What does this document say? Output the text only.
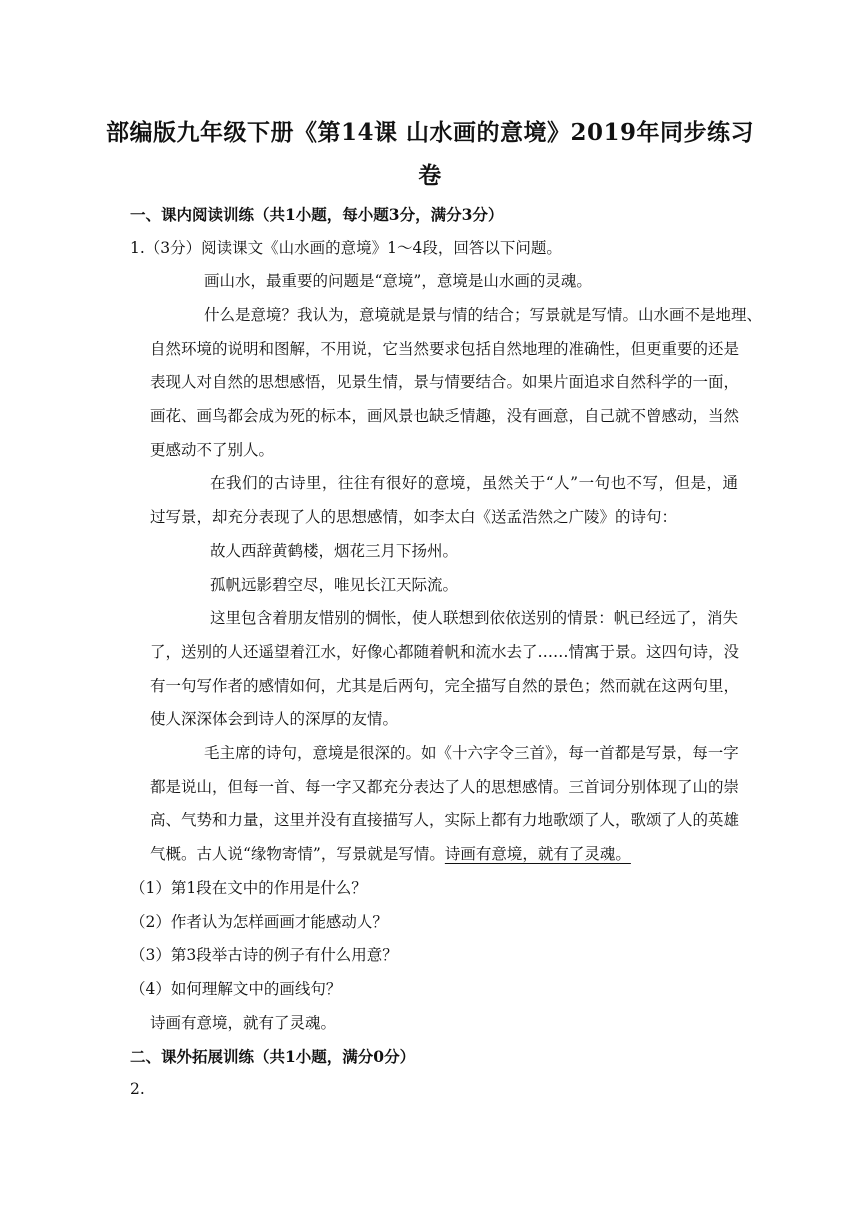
部编版九年级下册《第14课 山水画的意境》2019年同步练习
卷
一、课内阅读训练（共1小题，每小题3分，满分3分）
1.（3分）阅读课文《山水画的意境》1～4段，回答以下问题。
画山水，最重要的问题是“意境”，意境是山水画的灵魂。
什么是意境？我认为，意境就是景与情的结合；写景就是写情。山水画不是地理、
自然环境的说明和图解，不用说，它当然要求包括自然地理的准确性，但更重要的还是
表现人对自然的思想感悟，见景生情，景与情要结合。如果片面追求自然科学的一面，
画花、画鸟都会成为死的标本，画风景也缺乏情趣，没有画意，自己就不曾感动，当然
更感动不了别人。
在我们的古诗里，往往有很好的意境，虽然关于“人”一句也不写，但是，通
过写景，却充分表现了人的思想感情，如李太白《送孟浩然之广陵》的诗句：
故人西辞黄鹤楼，烟花三月下扬州。
孤帆远影碧空尽，唯见长江天际流。
这里包含着朋友惜别的惆怅，使人联想到依依送别的情景：帆已经远了，消失
了，送别的人还遥望着江水，好像心都随着帆和流水去了……情寓于景。这四句诗，没
有一句写作者的感情如何，尤其是后两句，完全描写自然的景色；然而就在这两句里，
使人深深体会到诗人的深厚的友情。
毛主席的诗句，意境是很深的。如《十六字令三首》，每一首都是写景，每一字
都是说山，但每一首、每一字又都充分表达了人的思想感情。三首词分别体现了山的崇
高、气势和力量，这里并没有直接描写人，实际上都有力地歌颂了人，歌颂了人的英雄
气概。古人说“缘物寄情”，写景就是写情。诗画有意境，就有了灵魂。
（1）第1段在文中的作用是什么？
（2）作者认为怎样画画才能感动人？
（3）第3段举古诗的例子有什么用意？
（4）如何理解文中的画线句？
诗画有意境，就有了灵魂。
二、课外拓展训练（共1小题，满分0分）
2.
